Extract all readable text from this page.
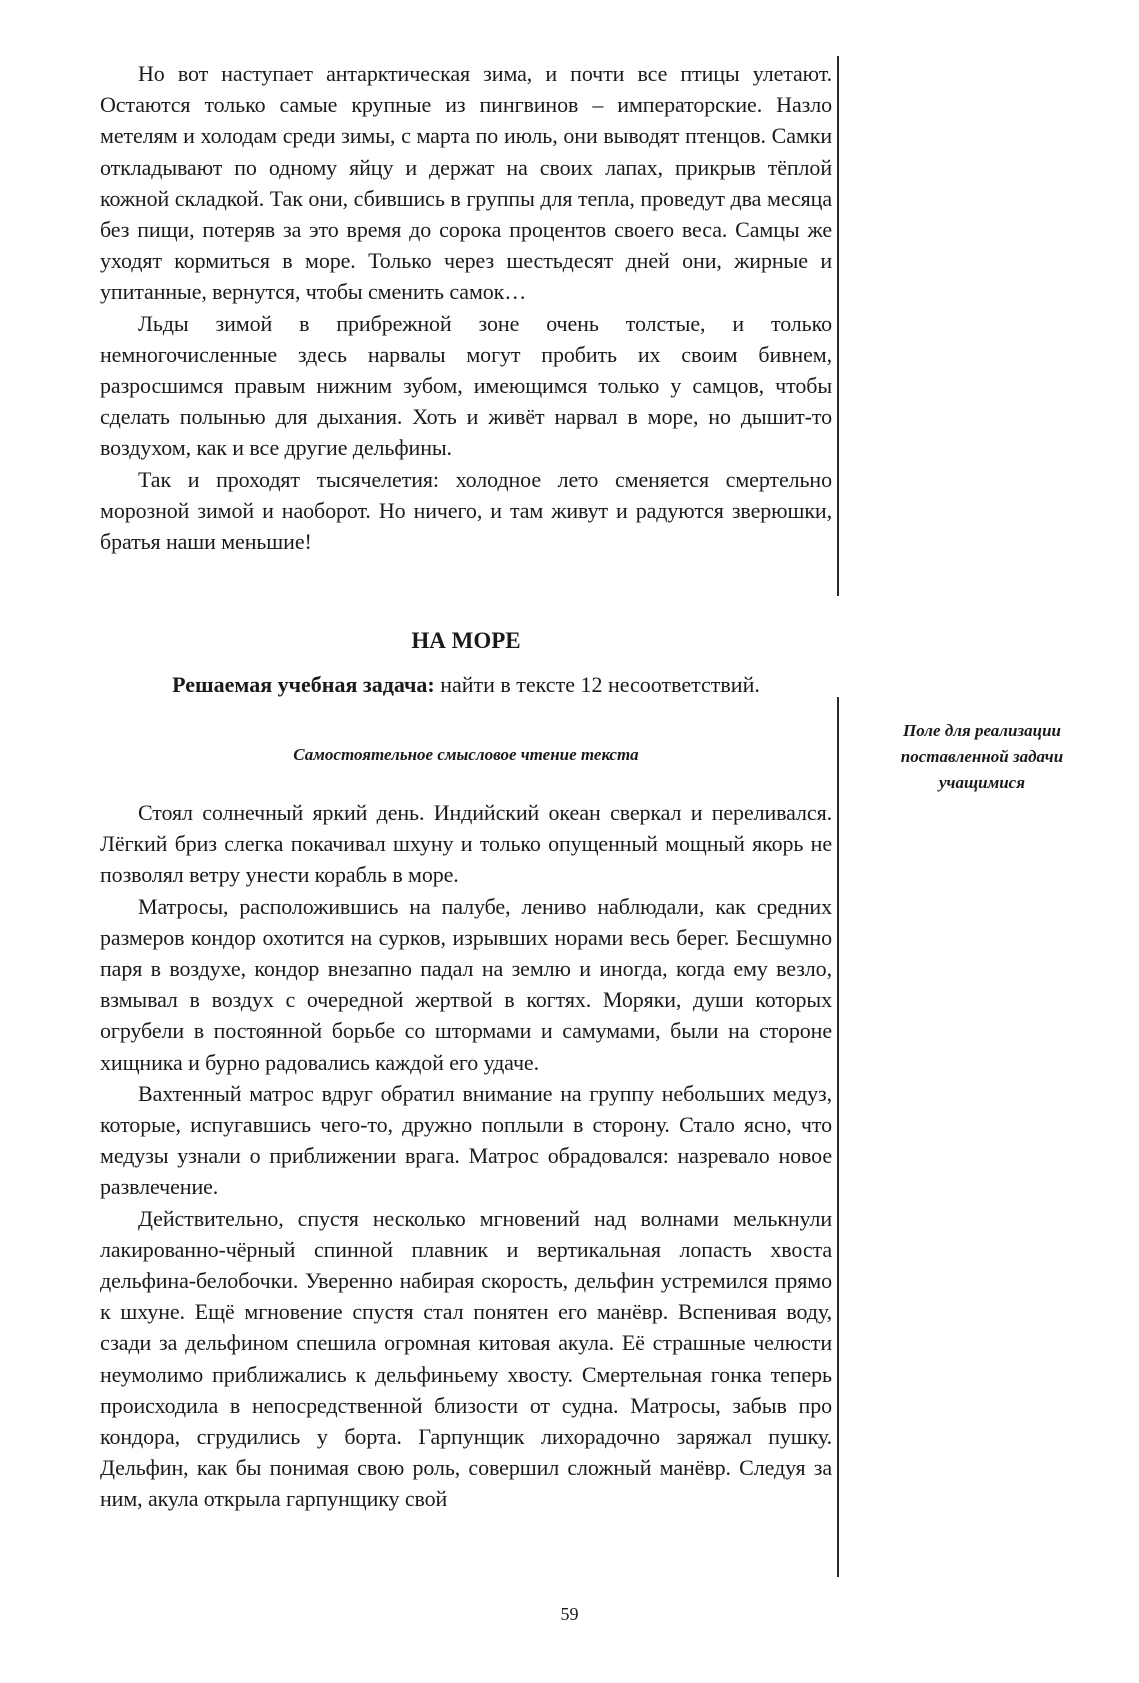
Но вот наступает антарктическая зима, и почти все птицы улетают. Остаются только самые крупные из пингвинов – императорские. Назло метелям и холодам среди зимы, с марта по июль, они выводят птенцов. Самки откладывают по одному яйцу и держат на своих лапах, прикрыв тёплой кожной складкой. Так они, сбившись в группы для тепла, проведут два месяца без пищи, потеряв за это время до сорока процентов своего веса. Самцы же уходят кормиться в море. Только через шестьдесят дней они, жирные и упитанные, вернутся, чтобы сменить самок…

Льды зимой в прибрежной зоне очень толстые, и только немногочисленные здесь нарвалы могут пробить их своим бивнем, разросшимся правым нижним зубом, имеющимся только у самцов, чтобы сделать полынью для дыхания. Хоть и живёт нарвал в море, но дышит-то воздухом, как и все другие дельфины.

Так и проходят тысячелетия: холодное лето сменяется смертельно морозной зимой и наоборот. Но ничего, и там живут и радуются зверюшки, братья наши меньшие!

НА МОРЕ
Решаемая учебная задача: найти в тексте 12 несоответствий.
Самостоятельное смысловое чтение текста
Поле для реализации поставленной задачи учащимися

Стоял солнечный яркий день. Индийский океан сверкал и переливался. Лёгкий бриз слегка покачивал шхуну и только опущенный мощный якорь не позволял ветру унести корабль в море.

Матросы, расположившись на палубе, лениво наблюдали, как средних размеров кондор охотится на сурков, изрывших норами весь берег. Бесшумно паря в воздухе, кондор внезапно падал на землю и иногда, когда ему везло, взмывал в воздух с очередной жертвой в когтях. Моряки, души которых огрубели в постоянной борьбе со штормами и самумами, были на стороне хищника и бурно радовались каждой его удаче.

Вахтенный матрос вдруг обратил внимание на группу небольших медуз, которые, испугавшись чего-то, дружно поплыли в сторону. Стало ясно, что медузы узнали о приближении врага. Матрос обрадовался: назревало новое развлечение.

Действительно, спустя несколько мгновений над волнами мелькнули лакированно-чёрный спинной плавник и вертикальная лопасть хвоста дельфина-белобочки. Уверенно набирая скорость, дельфин устремился прямо к шхуне. Ещё мгновение спустя стал понятен его манёвр. Вспенивая воду, сзади за дельфином спешила огромная китовая акула. Её страшные челюсти неумолимо приближались к дельфиньему хвосту. Смертельная гонка теперь происходила в непосредственной близости от судна. Матросы, забыв про кондора, сгрудились у борта. Гарпунщик лихорадочно заряжал пушку. Дельфин, как бы понимая свою роль, совершил сложный манёвр. Следуя за ним, акула открыла гарпунщику свой

59
